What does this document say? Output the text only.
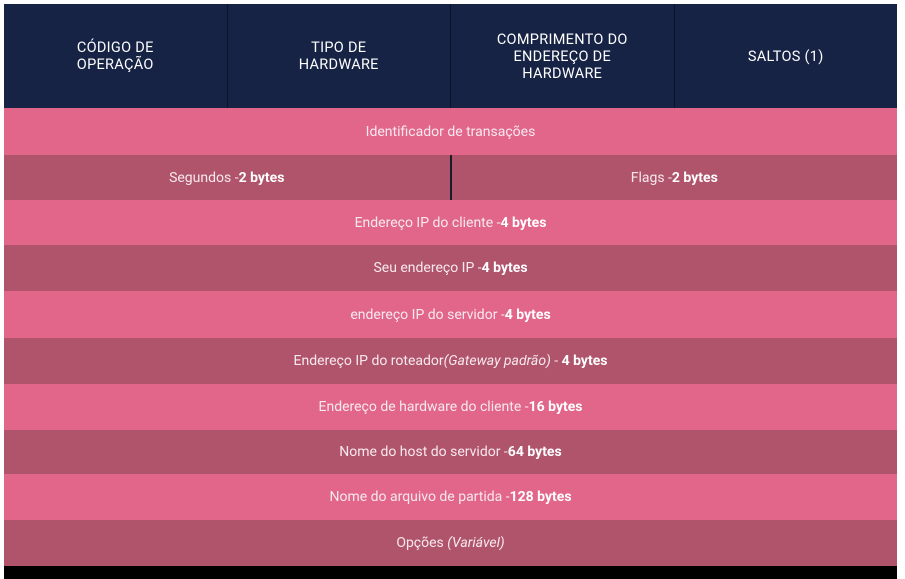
CÓDIGO DE
OPERAÇÃO
TIPO DE
HARDWARE
COMPRIMENTO DO
ENDEREÇO DE
HARDWARE
SALTOS (1)
Identificador de transações
Segundos - 2 bytes	Flags - 2 bytes
Endereço IP do cliente - 4 bytes
Seu endereço IP - 4 bytes
endereço IP do servidor - 4 bytes
Endereço IP do roteador (Gateway padrão) - 4 bytes
Endereço de hardware do cliente - 16 bytes
Nome do host do servidor - 64 bytes
Nome do arquivo de partida - 128 bytes
Opções (Variável)
